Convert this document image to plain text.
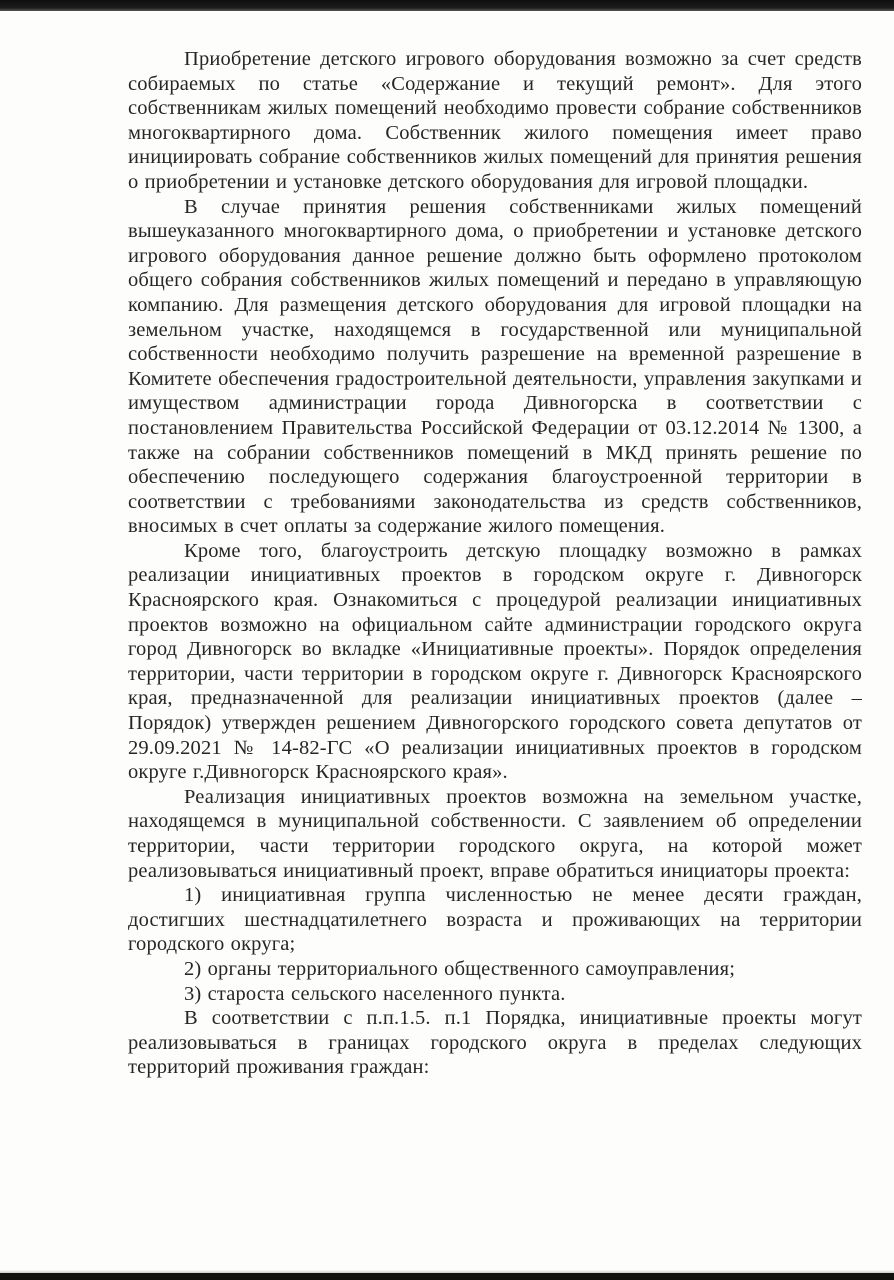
Приобретение детского игрового оборудования возможно за счет средств собираемых по статье «Содержание и текущий ремонт». Для этого собственникам жилых помещений необходимо провести собрание собственников многоквартирного дома. Собственник жилого помещения имеет право инициировать собрание собственников жилых помещений для принятия решения о приобретении и установке детского оборудования для игровой площадки.

В случае принятия решения собственниками жилых помещений вышеуказанного многоквартирного дома, о приобретении и установке детского игрового оборудования данное решение должно быть оформлено протоколом общего собрания собственников жилых помещений и передано в управляющую компанию. Для размещения детского оборудования для игровой площадки на земельном участке, находящемся в государственной или муниципальной собственности необходимо получить разрешение на временной разрешение в Комитете обеспечения градостроительной деятельности, управления закупками и имуществом администрации города Дивногорска в соответствии с постановлением Правительства Российской Федерации от 03.12.2014 № 1300, а также на собрании собственников помещений в МКД принять решение по обеспечению последующего содержания благоустроенной территории в соответствии с требованиями законодательства из средств собственников, вносимых в счет оплаты за содержание жилого помещения.

Кроме того, благоустроить детскую площадку возможно в рамках реализации инициативных проектов в городском округе г. Дивногорск Красноярского края. Ознакомиться с процедурой реализации инициативных проектов возможно на официальном сайте администрации городского округа город Дивногорск во вкладке «Инициативные проекты». Порядок определения территории, части территории в городском округе г. Дивногорск Красноярского края, предназначенной для реализации инициативных проектов (далее – Порядок) утвержден решением Дивногорского городского совета депутатов от 29.09.2021 № 14-82-ГС «О реализации инициативных проектов в городском округе г.Дивногорск Красноярского края».

Реализация инициативных проектов возможна на земельном участке, находящемся в муниципальной собственности. С заявлением об определении территории, части территории городского округа, на которой может реализовываться инициативный проект, вправе обратиться инициаторы проекта:

1) инициативная группа численностью не менее десяти граждан, достигших шестнадцатилетнего возраста и проживающих на территории городского округа;

2) органы территориального общественного самоуправления;

3) староста сельского населенного пункта.

В соответствии с п.п.1.5. п.1 Порядка, инициативные проекты могут реализовываться в границах городского округа в пределах следующих территорий проживания граждан:
